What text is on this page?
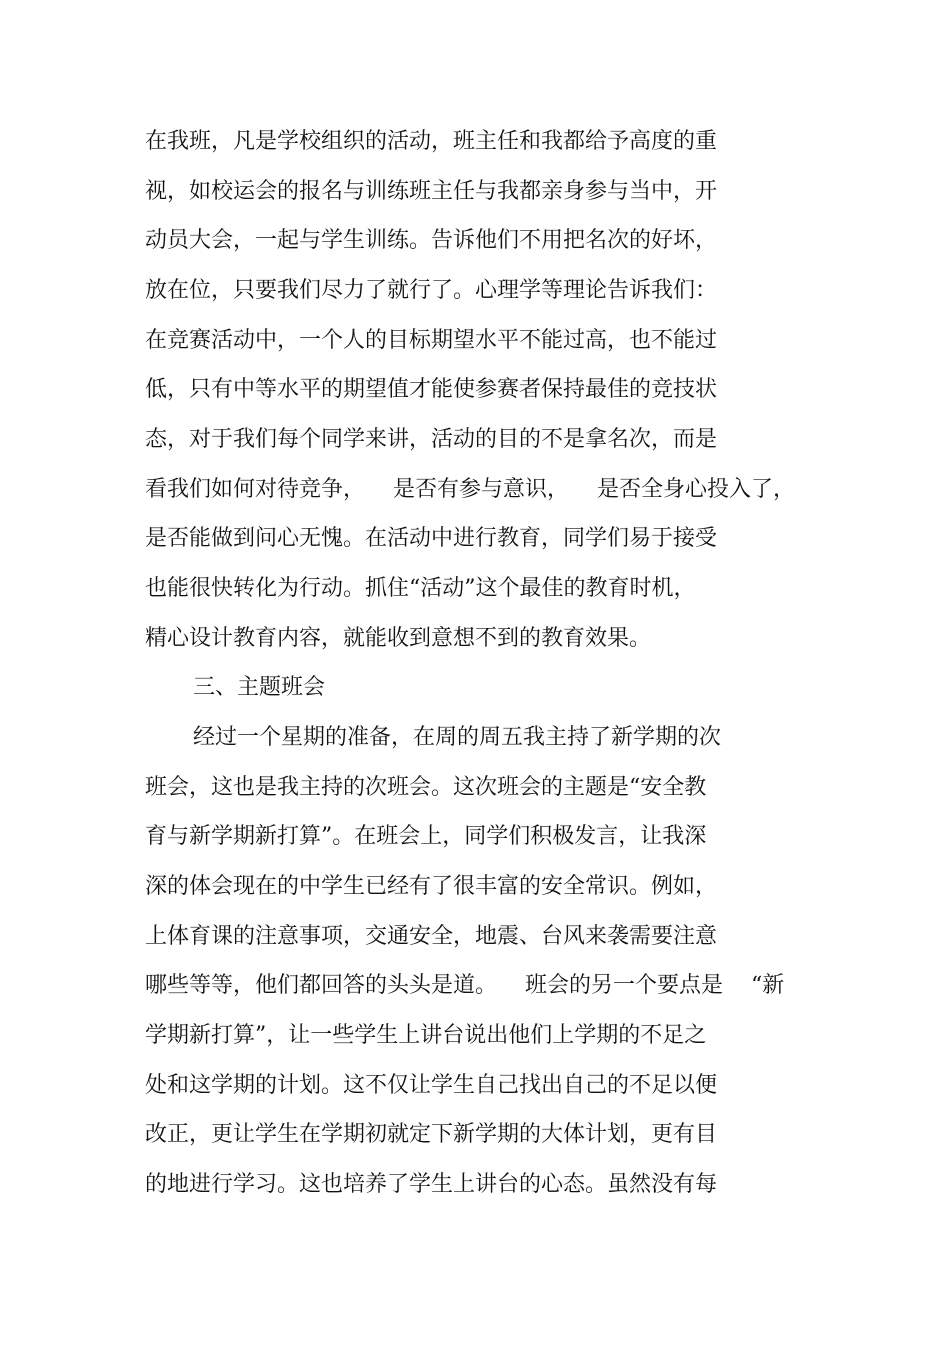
在我班，凡是学校组织的活动，班主任和我都给予高度的重

视，如校运会的报名与训练班主任与我都亲身参与当中，开

动员大会，一起与学生训练。告诉他们不用把名次的好坏，

放在位，只要我们尽力了就行了。心理学等理论告诉我们：

在竞赛活动中，一个人的目标期望水平不能过高，也不能过

低，只有中等水平的期望值才能使参赛者保持最佳的竞技状

态，对于我们每个同学来讲，活动的目的不是拿名次，而是

看我们如何对待竞争，    是否有参与意识，    是否全身心投入了，

是否能做到问心无愧。在活动中进行教育，同学们易于接受

也能很快转化为行动。抓住“活动”这个最佳的教育时机，

精心设计教育内容，就能收到意想不到的教育效果。

三、主题班会

经过一个星期的准备，在周的周五我主持了新学期的次

班会，这也是我主持的次班会。这次班会的主题是“安全教

育与新学期新打算”。在班会上，同学们积极发言，让我深

深的体会现在的中学生已经有了很丰富的安全常识。例如，

上体育课的注意事项，交通安全，地震、台风来袭需要注意

哪些等等，他们都回答的头头是道。    班会的另一个要点是    “新

学期新打算”，让一些学生上讲台说出他们上学期的不足之

处和这学期的计划。这不仅让学生自己找出自己的不足以便

改正，更让学生在学期初就定下新学期的大体计划，更有目

的地进行学习。这也培养了学生上讲台的心态。虽然没有每
